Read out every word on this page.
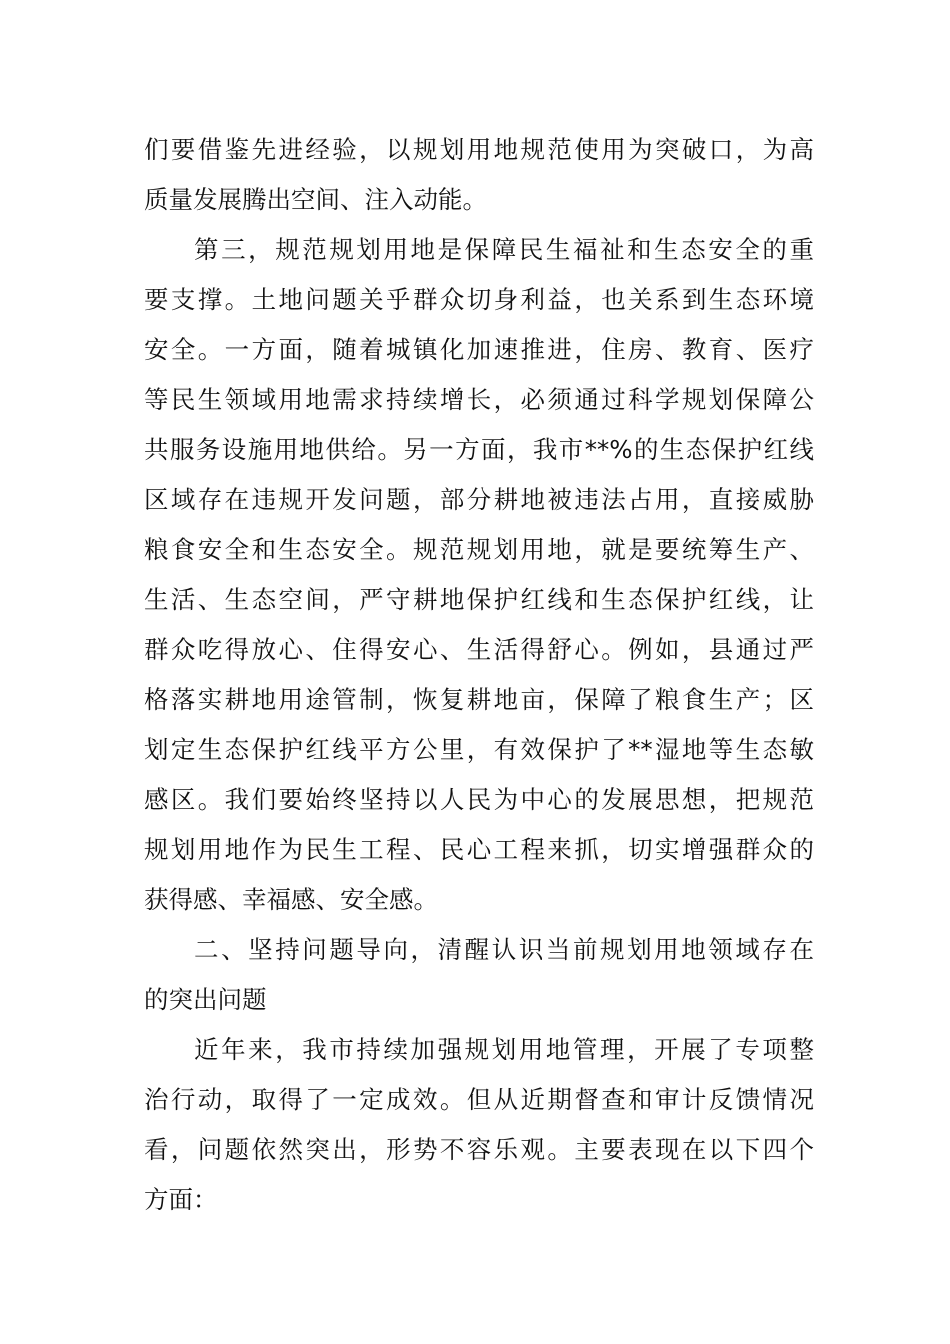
们要借鉴先进经验，以规划用地规范使用为突破口，为高
质量发展腾出空间、注入动能。
第三，规范规划用地是保障民生福祉和生态安全的重
要支撑。土地问题关乎群众切身利益，也关系到生态环境
安全。一方面，随着城镇化加速推进，住房、教育、医疗
等民生领域用地需求持续增长，必须通过科学规划保障公
共服务设施用地供给。另一方面，我市**%的生态保护红线
区域存在违规开发问题，部分耕地被违法占用，直接威胁
粮食安全和生态安全。规范规划用地，就是要统筹生产、
生活、生态空间，严守耕地保护红线和生态保护红线，让
群众吃得放心、住得安心、生活得舒心。例如，县通过严
格落实耕地用途管制，恢复耕地亩，保障了粮食生产；区
划定生态保护红线平方公里，有效保护了**湿地等生态敏
感区。我们要始终坚持以人民为中心的发展思想，把规范
规划用地作为民生工程、民心工程来抓，切实增强群众的
获得感、幸福感、安全感。
二、坚持问题导向，清醒认识当前规划用地领域存在
的突出问题
近年来，我市持续加强规划用地管理，开展了专项整
治行动，取得了一定成效。但从近期督查和审计反馈情况
看，问题依然突出，形势不容乐观。主要表现在以下四个
方面：
